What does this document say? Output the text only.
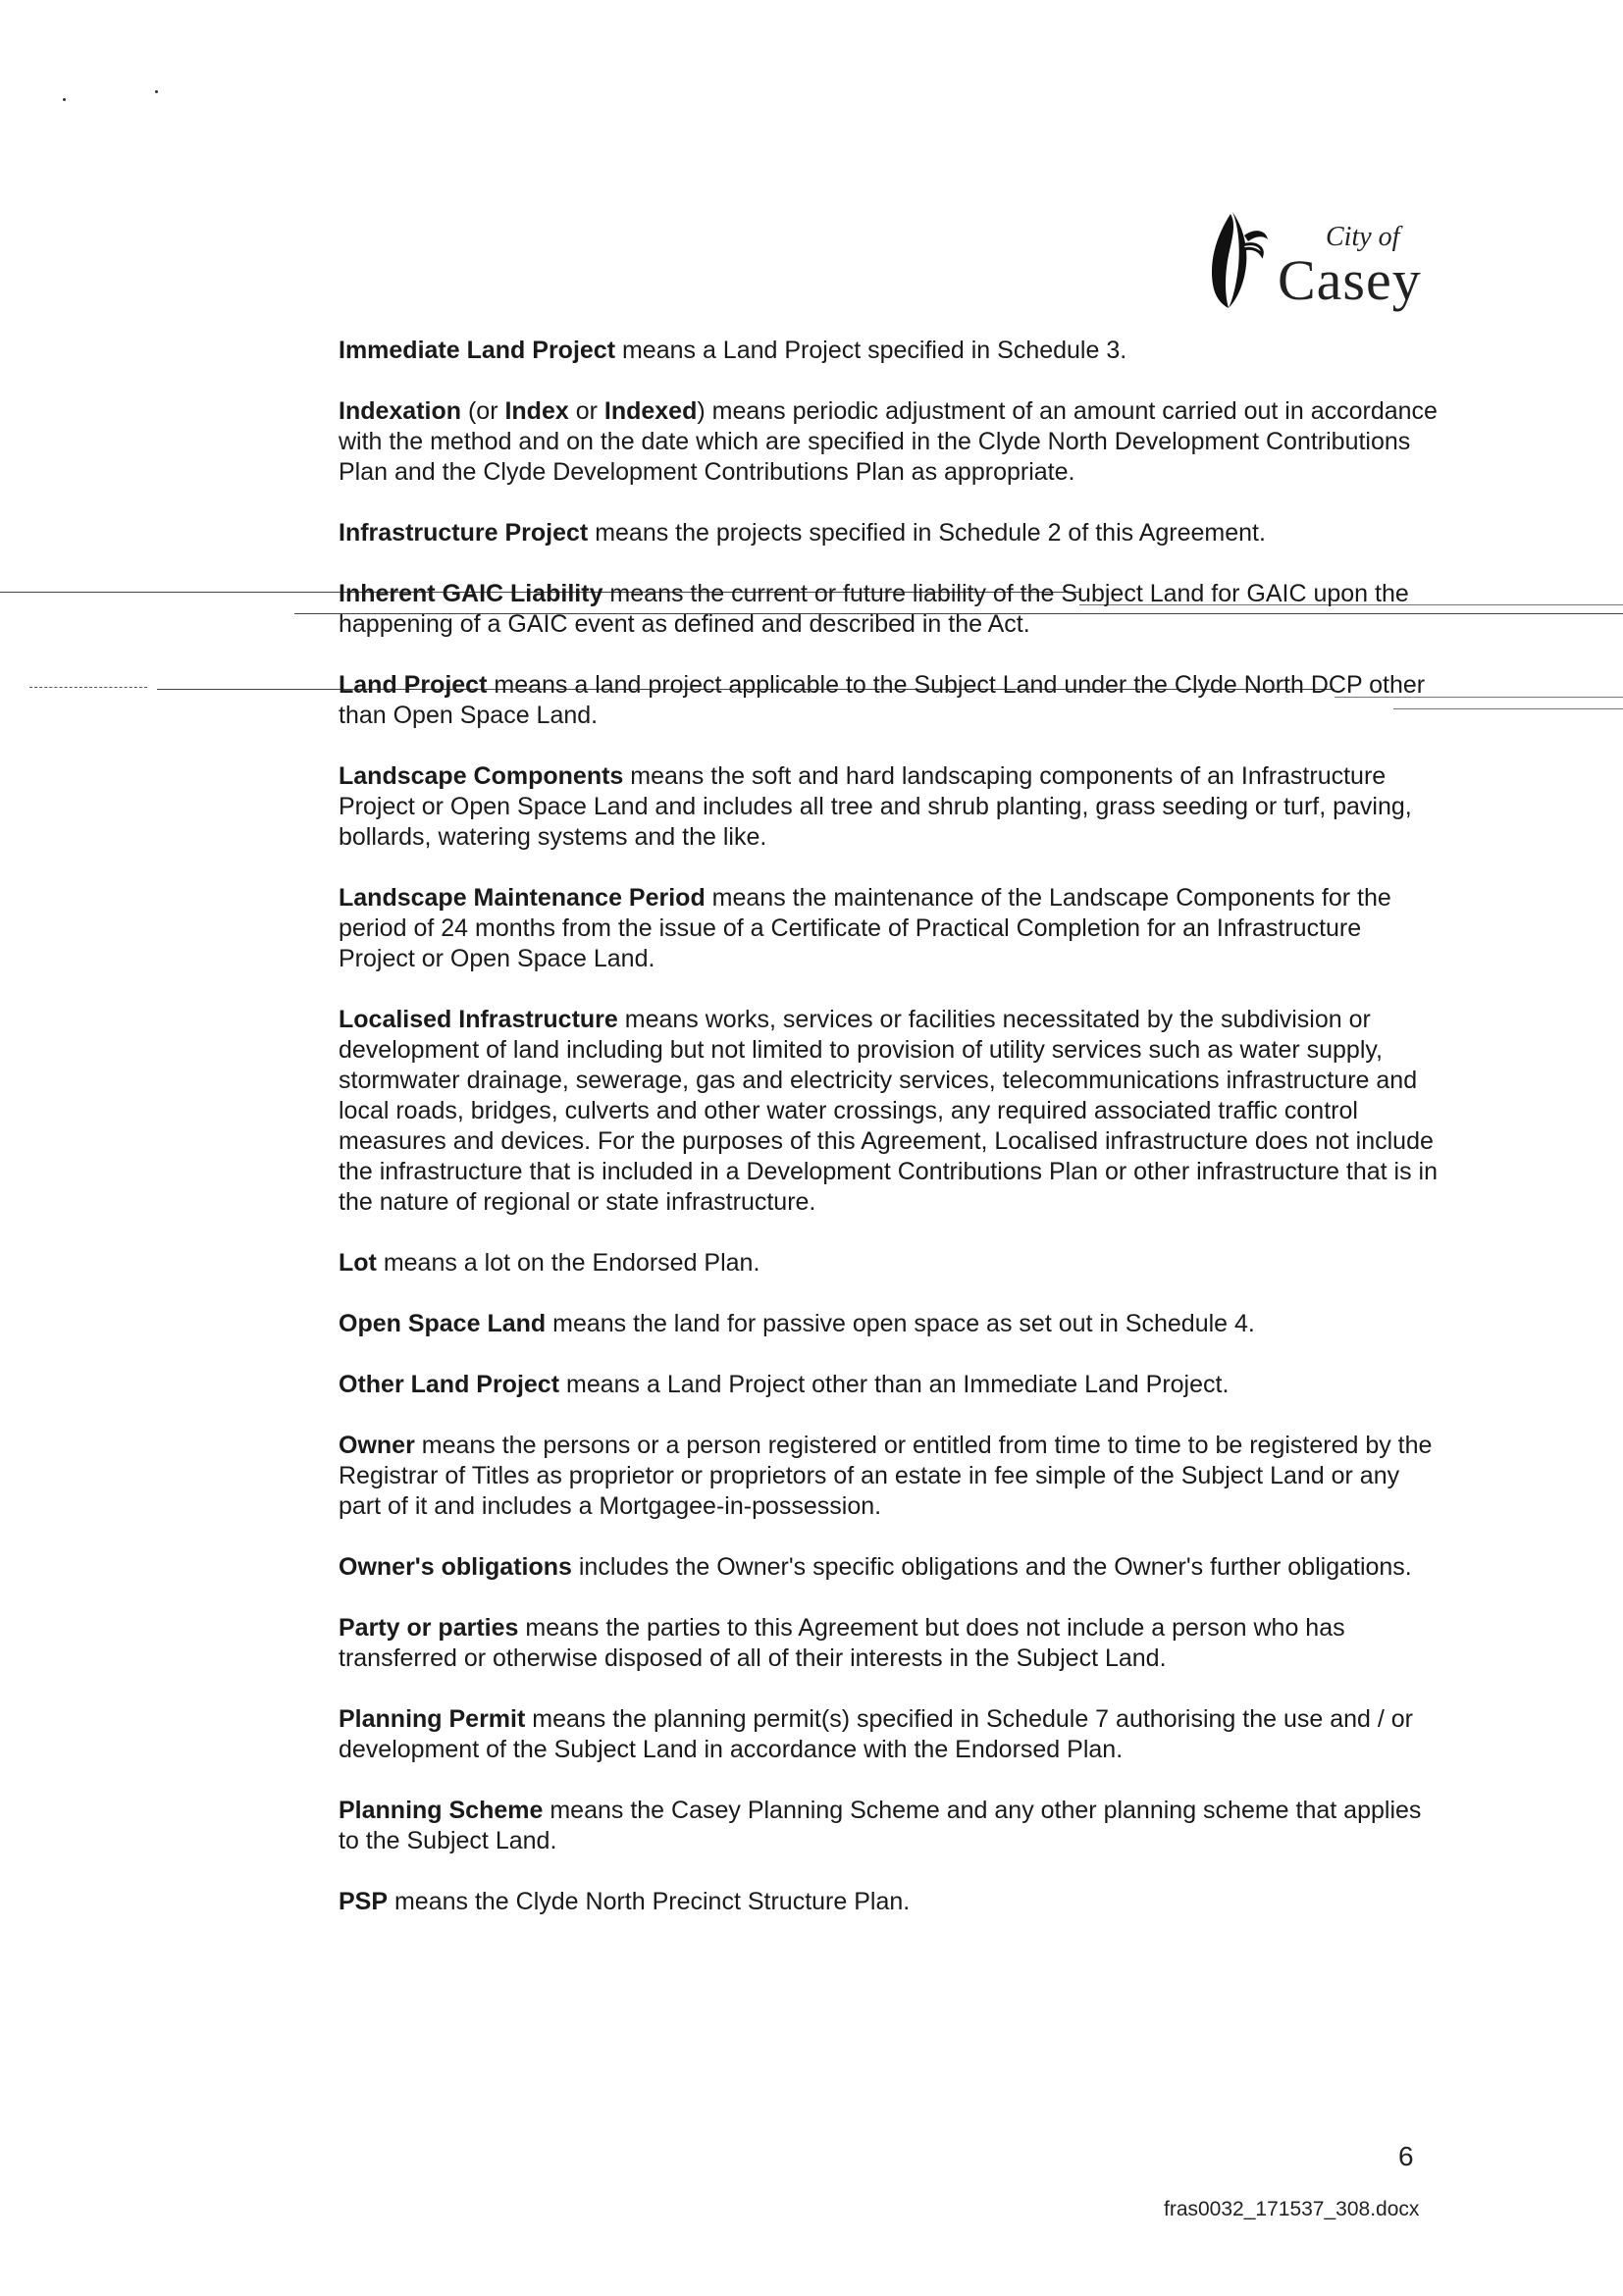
City of
Casey

Immediate Land Project means a Land Project specified in Schedule 3.

Indexation (or Index or Indexed) means periodic adjustment of an amount carried out in accordance with the method and on the date which are specified in the Clyde North Development Contributions Plan and the Clyde Development Contributions Plan as appropriate.

Infrastructure Project means the projects specified in Schedule 2 of this Agreement.

Inherent GAIC Liability means the current or future liability of the Subject Land for GAIC upon the happening of a GAIC event as defined and described in the Act.

Land Project means a land project applicable to the Subject Land under the Clyde North DCP other than Open Space Land.

Landscape Components means the soft and hard landscaping components of an Infrastructure Project or Open Space Land and includes all tree and shrub planting, grass seeding or turf, paving, bollards, watering systems and the like.

Landscape Maintenance Period means the maintenance of the Landscape Components for the period of 24 months from the issue of a Certificate of Practical Completion for an Infrastructure Project or Open Space Land.

Localised Infrastructure means works, services or facilities necessitated by the subdivision or development of land including but not limited to provision of utility services such as water supply, stormwater drainage, sewerage, gas and electricity services, telecommunications infrastructure and local roads, bridges, culverts and other water crossings, any required associated traffic control measures and devices. For the purposes of this Agreement, Localised infrastructure does not include the infrastructure that is included in a Development Contributions Plan or other infrastructure that is in the nature of regional or state infrastructure.

Lot means a lot on the Endorsed Plan.

Open Space Land means the land for passive open space as set out in Schedule 4.

Other Land Project means a Land Project other than an Immediate Land Project.

Owner means the persons or a person registered or entitled from time to time to be registered by the Registrar of Titles as proprietor or proprietors of an estate in fee simple of the Subject Land or any part of it and includes a Mortgagee-in-possession.

Owner's obligations includes the Owner's specific obligations and the Owner's further obligations.

Party or parties means the parties to this Agreement but does not include a person who has transferred or otherwise disposed of all of their interests in the Subject Land.

Planning Permit means the planning permit(s) specified in Schedule 7 authorising the use and / or development of the Subject Land in accordance with the Endorsed Plan.

Planning Scheme means the Casey Planning Scheme and any other planning scheme that applies to the Subject Land.

PSP means the Clyde North Precinct Structure Plan.

6
fras0032_171537_308.docx
